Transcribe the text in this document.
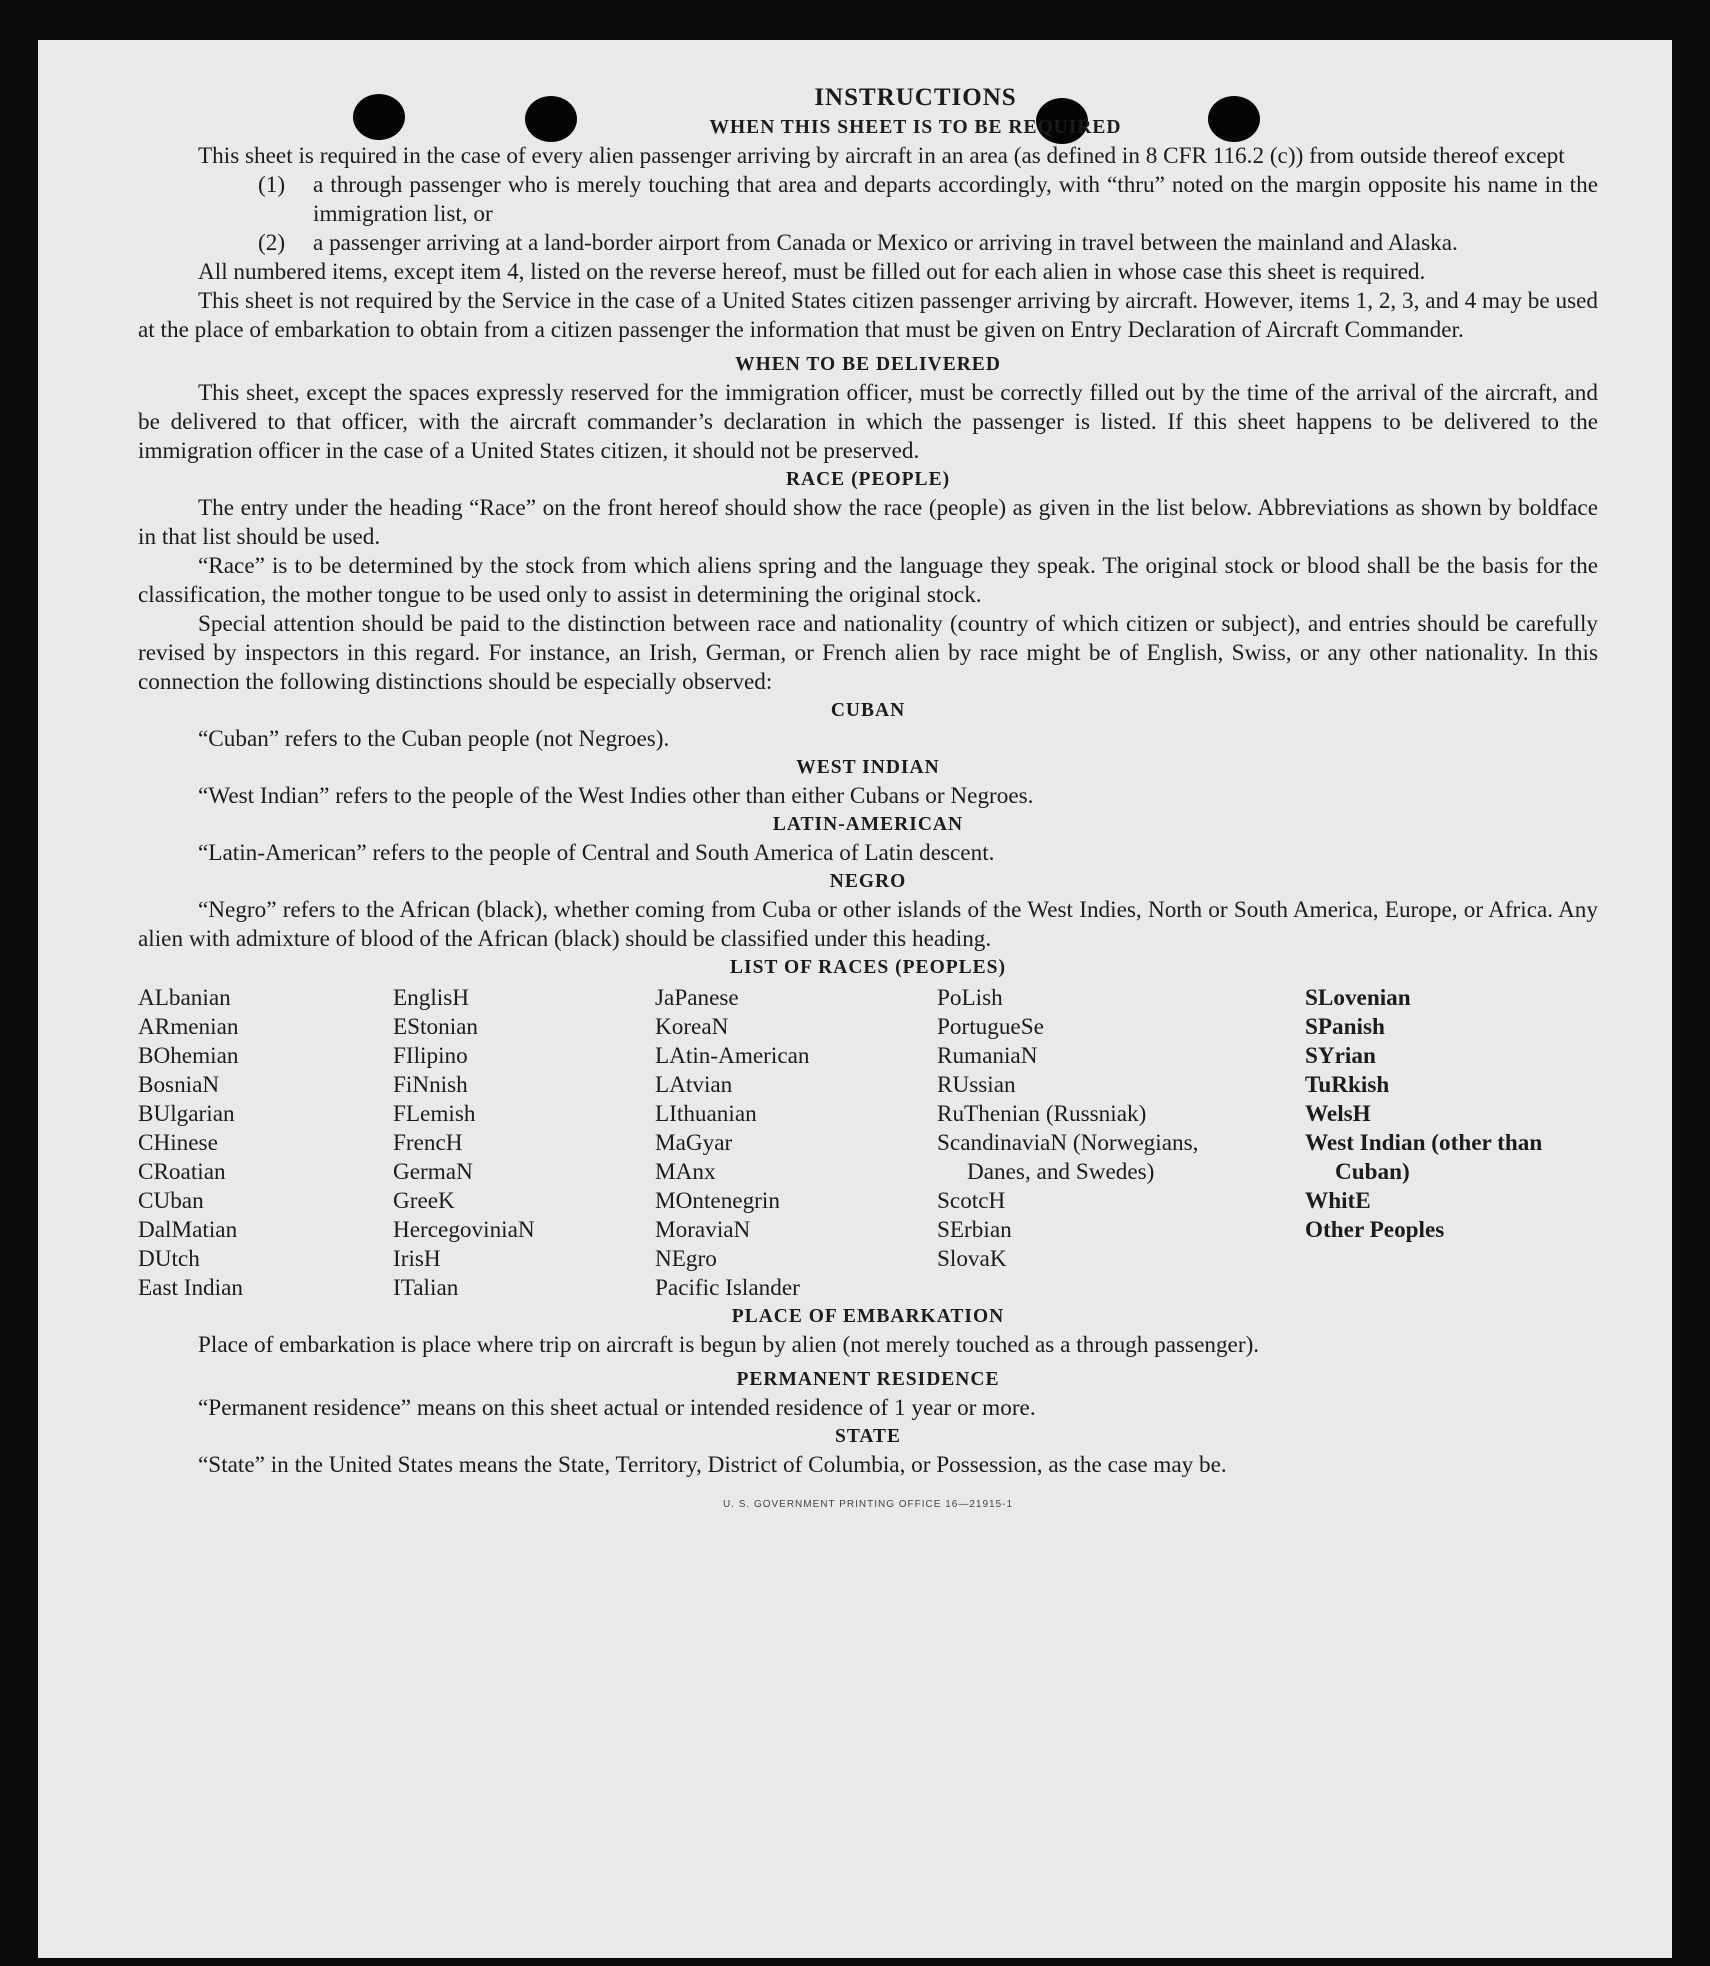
INSTRUCTIONS
WHEN THIS SHEET IS TO BE REQUIRED

This sheet is required in the case of every alien passenger arriving by aircraft in an area (as defined in 8 CFR 116.2 (c)) from outside thereof except

(1)	a through passenger who is merely touching that area and departs accordingly, with “thru” noted on the margin opposite his name in the immigration list, or
(2)	a passenger arriving at a land-border airport from Canada or Mexico or arriving in travel between the mainland and Alaska.

All numbered items, except item 4, listed on the reverse hereof, must be filled out for each alien in whose case this sheet is required.

This sheet is not required by the Service in the case of a United States citizen passenger arriving by aircraft. However, items 1, 2, 3, and 4 may be used at the place of embarkation to obtain from a citizen passenger the information that must be given on Entry Declaration of Aircraft Commander.

WHEN TO BE DELIVERED

This sheet, except the spaces expressly reserved for the immigration officer, must be correctly filled out by the time of the arrival of the aircraft, and be delivered to that officer, with the aircraft commander’s declaration in which the passenger is listed. If this sheet happens to be delivered to the immigration officer in the case of a United States citizen, it should not be preserved.

RACE (PEOPLE)

The entry under the heading “Race” on the front hereof should show the race (people) as given in the list below. Abbreviations as shown by boldface in that list should be used.

“Race” is to be determined by the stock from which aliens spring and the language they speak. The original stock or blood shall be the basis for the classification, the mother tongue to be used only to assist in determining the original stock.

Special attention should be paid to the distinction between race and nationality (country of which citizen or subject), and entries should be carefully revised by inspectors in this regard. For instance, an Irish, German, or French alien by race might be of English, Swiss, or any other nationality. In this connection the following distinctions should be especially observed:

CUBAN

“Cuban” refers to the Cuban people (not Negroes).

WEST INDIAN

“West Indian” refers to the people of the West Indies other than either Cubans or Negroes.

LATIN-AMERICAN

“Latin-American” refers to the people of Central and South America of Latin descent.

NEGRO

“Negro” refers to the African (black), whether coming from Cuba or other islands of the West Indies, North or South America, Europe, or Africa. Any alien with admixture of blood of the African (black) should be classified under this heading.

LIST OF RACES (PEOPLES)
ALbanian
ARmenian
BOhemian
BosniaN
BUlgarian
CHinese
CRoatian
CUban
DalMatian
DUtch
East Indian
EnglisH
EStonian
FIlipino
FiNnish
FLemish
FrencH
GermaN
GreeK
HercegoviniaN
IrisH
ITalian
JaPanese
KoreaN
LAtin-American
LAtvian
LIthuanian
MaGyar
MAnx
MOntenegrin
MoraviaN
NEgro
Pacific Islander
PoLish
PortugueSe
RumaniaN
RUssian
RuThenian (Russniak)
ScandinaviaN (Norwegians, Danes, and Swedes)
ScotcH
SErbian
SlovaK
SLovenian
SPanish
SYrian
TuRkish
WelsH
West Indian (other than Cuban)
WhitE
Other Peoples
PLACE OF EMBARKATION

Place of embarkation is place where trip on aircraft is begun by alien (not merely touched as a through passenger).

PERMANENT RESIDENCE

“Permanent residence” means on this sheet actual or intended residence of 1 year or more.

STATE

“State” in the United States means the State, Territory, District of Columbia, or Possession, as the case may be.

U. S. GOVERNMENT PRINTING OFFICE 16—21915-1
